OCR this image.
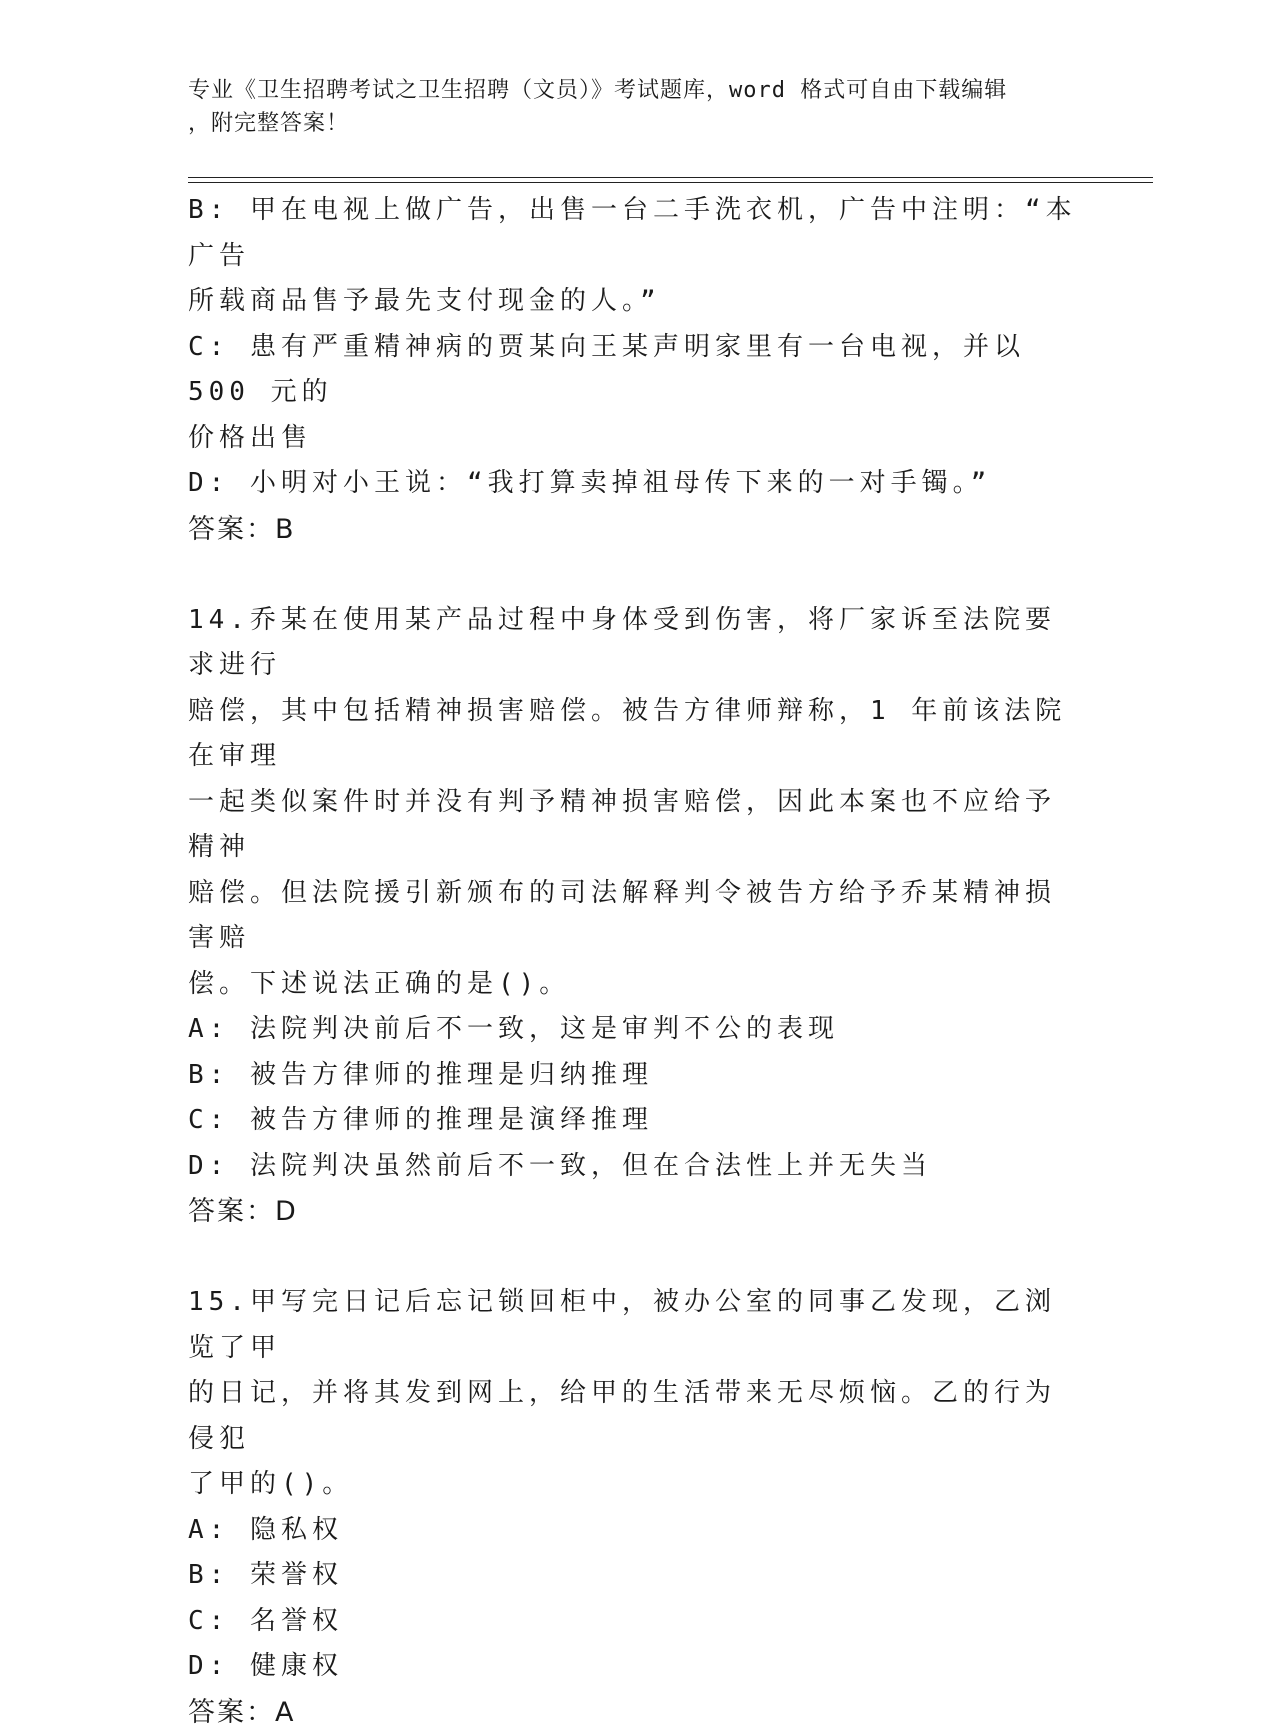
专业《卫生招聘考试之卫生招聘（文员）》考试题库，word 格式可自由下载编辑
，附完整答案！
B: 甲在电视上做广告，出售一台二手洗衣机，广告中注明：“本广告
所载商品售予最先支付现金的人。”
C: 患有严重精神病的贾某向王某声明家里有一台电视，并以 500 元的
价格出售
D: 小明对小王说：“我打算卖掉祖母传下来的一对手镯。”
答案：B
14.乔某在使用某产品过程中身体受到伤害，将厂家诉至法院要求进行
赔偿，其中包括精神损害赔偿。被告方律师辩称，1 年前该法院在审理
一起类似案件时并没有判予精神损害赔偿，因此本案也不应给予精神
赔偿。但法院援引新颁布的司法解释判令被告方给予乔某精神损害赔
偿。下述说法正确的是()。
A: 法院判决前后不一致，这是审判不公的表现
B: 被告方律师的推理是归纳推理
C: 被告方律师的推理是演绎推理
D: 法院判决虽然前后不一致，但在合法性上并无失当
答案：D
15.甲写完日记后忘记锁回柜中，被办公室的同事乙发现，乙浏览了甲
的日记，并将其发到网上，给甲的生活带来无尽烦恼。乙的行为侵犯
了甲的()。
A: 隐私权
B: 荣誉权
C: 名誉权
D: 健康权
答案：A
